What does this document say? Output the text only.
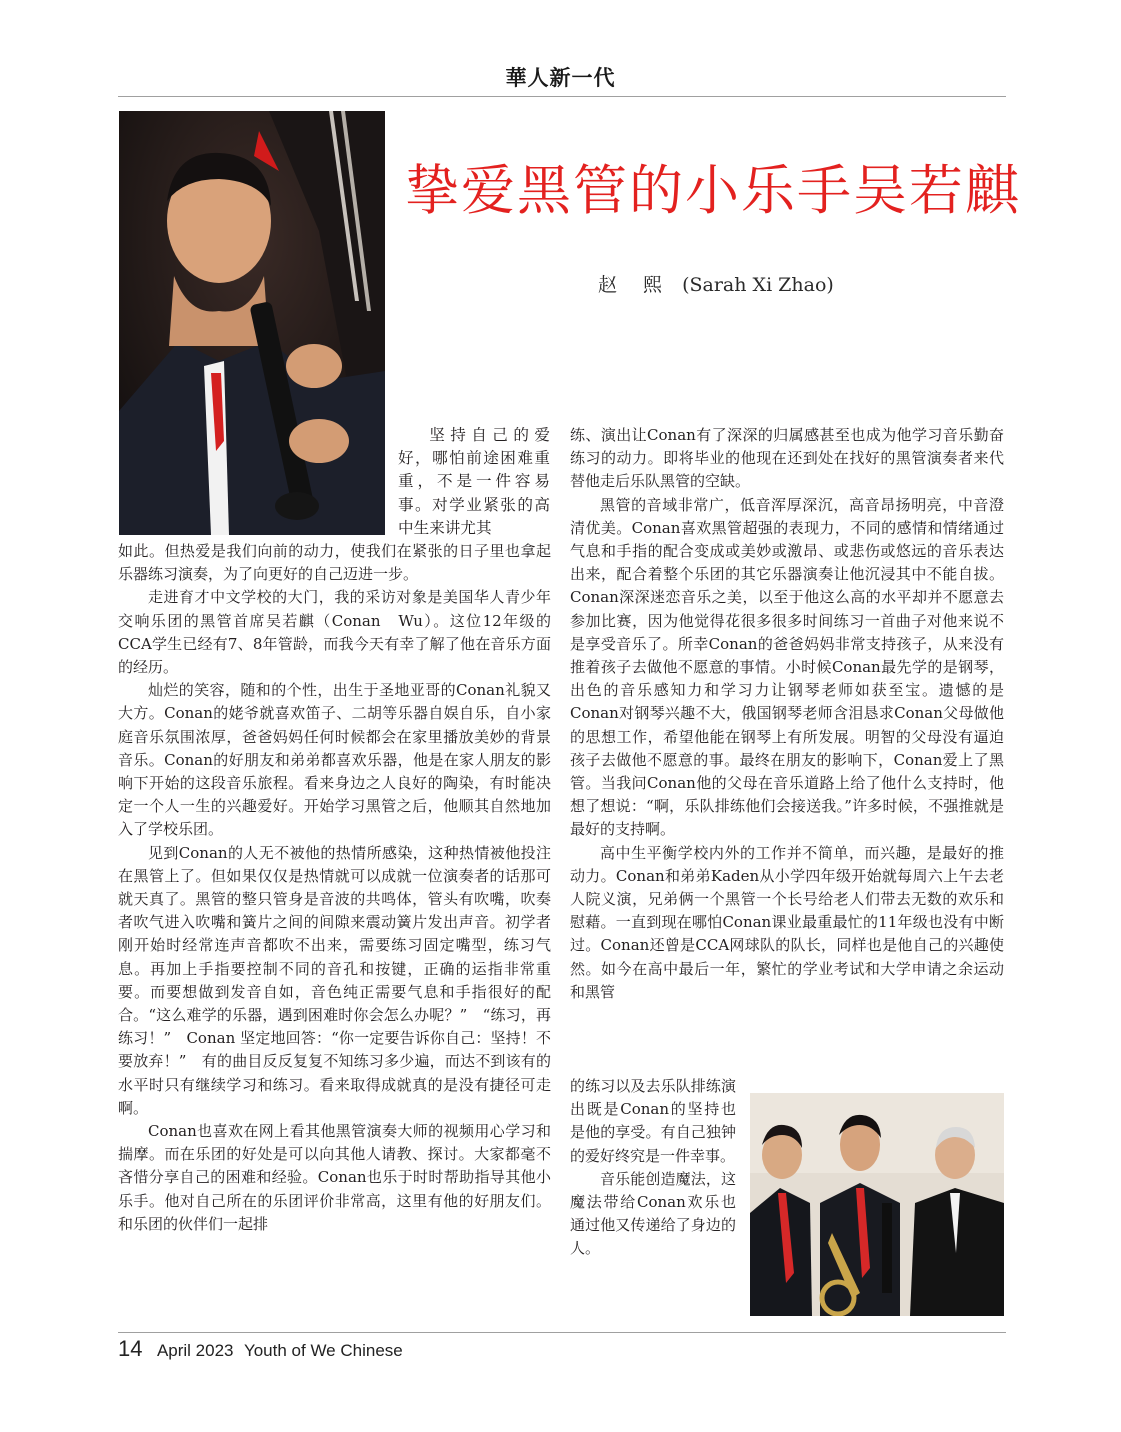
華人新一代
挚爱黑管的小乐手吴若麒
赵 熙 (Sarah Xi Zhao)

坚持自己的爱好，哪怕前途困难重重，不是一件容易事。对学业紧张的高中生来讲尤其

如此。但热爱是我们向前的动力，使我们在紧张的日子里也拿起乐器练习演奏，为了向更好的自己迈进一步。

走进育才中文学校的大门，我的采访对象是美国华人青少年交响乐团的黑管首席吴若麒（Conan　Wu）。这位12年级的CCA学生已经有7、8年管龄，而我今天有幸了解了他在音乐方面的经历。

灿烂的笑容，随和的个性，出生于圣地亚哥的Conan礼貌又大方。Conan的姥爷就喜欢笛子、二胡等乐器自娱自乐，自小家庭音乐氛围浓厚，爸爸妈妈任何时候都会在家里播放美妙的背景音乐。Conan的好朋友和弟弟都喜欢乐器，他是在家人朋友的影响下开始的这段音乐旅程。看来身边之人良好的陶染，有时能决定一个人一生的兴趣爱好。开始学习黑管之后，他顺其自然地加入了学校乐团。

见到Conan的人无不被他的热情所感染，这种热情被他投注在黑管上了。但如果仅仅是热情就可以成就一位演奏者的话那可就天真了。黑管的整只管身是音波的共鸣体，管头有吹嘴，吹奏者吹气进入吹嘴和簧片之间的间隙来震动簧片发出声音。初学者刚开始时经常连声音都吹不出来，需要练习固定嘴型，练习气息。再加上手指要控制不同的音孔和按键，正确的运指非常重要。而要想做到发音自如，音色纯正需要气息和手指很好的配合。“这么难学的乐器，遇到困难时你会怎么办呢？”　“练习，再练习！”　Conan 坚定地回答：“你一定要告诉你自己：坚持！不要放弃！”　有的曲目反反复复不知练习多少遍，而达不到该有的水平时只有继续学习和练习。看来取得成就真的是没有捷径可走啊。

Conan也喜欢在网上看其他黑管演奏大师的视频用心学习和揣摩。而在乐团的好处是可以向其他人请教、探讨。大家都毫不吝惜分享自己的困难和经验。Conan也乐于时时帮助指导其他小乐手。他对自己所在的乐团评价非常高，这里有他的好朋友们。和乐团的伙伴们一起排

练、演出让Conan有了深深的归属感甚至也成为他学习音乐勤奋练习的动力。即将毕业的他现在还到处在找好的黑管演奏者来代替他走后乐队黑管的空缺。

黑管的音域非常广，低音浑厚深沉，高音昂扬明亮，中音澄清优美。Conan喜欢黑管超强的表现力，不同的感情和情绪通过气息和手指的配合变成或美妙或激昂、或悲伤或悠远的音乐表达出来，配合着整个乐团的其它乐器演奏让他沉浸其中不能自拔。Conan深深迷恋音乐之美，以至于他这么高的水平却并不愿意去参加比赛，因为他觉得花很多很多时间练习一首曲子对他来说不是享受音乐了。所幸Conan的爸爸妈妈非常支持孩子，从来没有推着孩子去做他不愿意的事情。小时候Conan最先学的是钢琴，出色的音乐感知力和学习力让钢琴老师如获至宝。遗憾的是Conan对钢琴兴趣不大，俄国钢琴老师含泪恳求Conan父母做他的思想工作，希望他能在钢琴上有所发展。明智的父母没有逼迫孩子去做他不愿意的事。最终在朋友的影响下，Conan爱上了黑管。当我问Conan他的父母在音乐道路上给了他什么支持时，他想了想说：“啊，乐队排练他们会接送我。”许多时候，不强推就是最好的支持啊。

高中生平衡学校内外的工作并不简单，而兴趣，是最好的推动力。Conan和弟弟Kaden从小学四年级开始就每周六上午去老人院义演，兄弟俩一个黑管一个长号给老人们带去无数的欢乐和慰藉。一直到现在哪怕Conan课业最重最忙的11年级也没有中断过。Conan还曾是CCA网球队的队长，同样也是他自己的兴趣使然。如今在高中最后一年，繁忙的学业考试和大学申请之余运动和黑管

的练习以及去乐队排练演出既是Conan的坚持也是他的享受。有自己独钟的爱好终究是一件幸事。

音乐能创造魔法，这魔法带给Conan欢乐也通过他又传递给了身边的人。

14 April 2023 Youth of We Chinese
